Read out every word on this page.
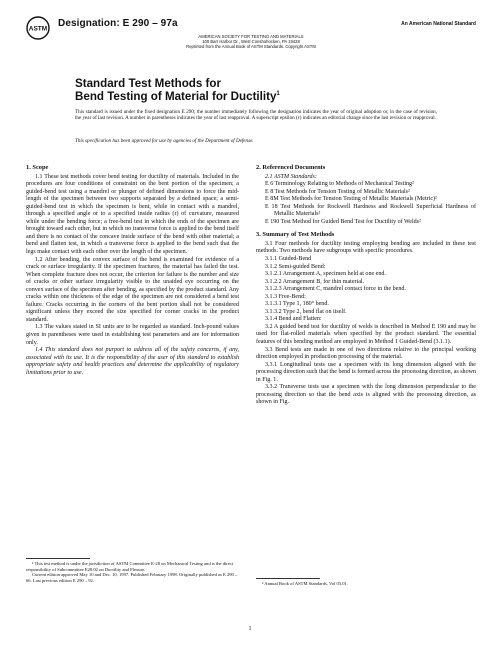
ASTM Designation: E 290 – 97a	An American National Standard
AMERICAN SOCIETY FOR TESTING AND MATERIALS
100 Barr Harbor Dr., West Conshohocken, PA 19428
Reprinted from the Annual Book of ASTM Standards. Copyright ASTM
Standard Test Methods for
Bend Testing of Material for Ductility$^1$
This standard is issued under the fixed designation E 290; the number immediately following the designation indicates the year of original adoption or, in the case of revision, the year of last revision. A number in parentheses indicates the year of last reapproval. A superscript epsilon (ε) indicates an editorial change since the last revision or reapproval.
This specification has been approved for use by agencies of the Department of Defense.
1. Scope

1.1 These test methods cover bend testing for ductility of materials. Included in the procedures are four conditions of constraint on the bent portion of the specimen; a guided-bend test using a mandrel or plunger of defined dimensions to force the mid-length of the specimen between two supports separated by a defined space; a semi-guided-bend test in which the specimen is bent, while in contact with a mandrel, through a specified angle or to a specified inside radius (r) of curvature, measured while under the bending force; a free-bend test in which the ends of the specimen are brought toward each other, but in which no transverse force is applied to the bend itself and there is no contact of the concave inside surface of the bend with other material; a bend and flatten test, in which a transverse force is applied to the bend such that the legs make contact with each other over the length of the specimen.

1.2 After bending, the convex surface of the bend is examined for evidence of a crack or surface irregularity. If the specimen fractures, the material has failed the test. When complete fracture does not occur, the criterion for failure is the number and size of cracks or other surface irregularity visible to the unaided eye occurring on the convex surface of the specimen after bending, as specified by the product standard. Any cracks within one thickness of the edge of the specimen are not considered a bend test failure. Cracks occurring in the corners of the bent portion shall not be considered significant unless they exceed the size specified for corner cracks in the product standard.

1.3 The values stated in SI units are to be regarded as standard. Inch-pound values given in parentheses were used in establishing test parameters and are for information only.

1.4 This standard does not purport to address all of the safety concerns, if any, associated with its use. It is the responsibility of the user of this standard to establish appropriate safety and health practices and determine the applicability of regulatory limitations prior to use.

2. Referenced Documents

2.1 ASTM Standards:

E 6 Terminology Relating to Methods of Mechanical Testing²

E 8 Test Methods for Tension Testing of Metallic Materials²

E 8M Test Methods for Tension Testing of Metallic Materials (Metric)²

E 18 Test Methods for Rockwell Hardness and Rockwell Superficial Hardness of Metallic Materials²

E 190 Test Method for Guided Bend Test for Ductility of Welds²

3. Summary of Test Methods

3.1 Four methods for ductility testing employing bending are included in these test methods. Two methods have subgroups with specific procedures.

3.1.1 Guided-Bend

3.1.2 Semi-guided Bend:

3.1.2.1 Arrangement A, specimen held at one end.

3.1.2.2 Arrangement B, for thin material.

3.1.2.3 Arrangement C, mandrel contact force in the bend.

3.1.3 Free-Bend:

3.1.3.1 Type 1, 180° bend.

3.1.3.2 Type 2, bend flat on itself.

3.1.4 Bend and Flatten:

3.2 A guided bend test for ductility of welds is described in Method E 190 and may be used for flat-rolled materials when specified by the product standard. The essential features of this bending method are employed in Method 1 Guided-Bend (3.1.1).

3.3 Bend tests are made in one of two directions relative to the principal working direction employed in production processing of the material.

3.3.1 Longitudinal tests use a specimen with its long dimension aligned with the processing direction such that the bend is formed across the processing direction, as shown in Fig. 1.

3.3.2 Transverse tests use a specimen with the long dimension perpendicular to the processing direction so that the bend axis is aligned with the processing direction, as shown in Fig.

¹ This test method is under the jurisdiction of ASTM Committee E-28 on Mechanical Testing and is the direct responsibility of Subcommittee E28.02 on Ductility and Flexure.

Current edition approved May 10 and Dec. 10, 1997. Published February 1998. Originally published as E 290 – 66. Last previous edition E 290 – 92.

² Annual Book of ASTM Standards, Vol 03.01.

1
